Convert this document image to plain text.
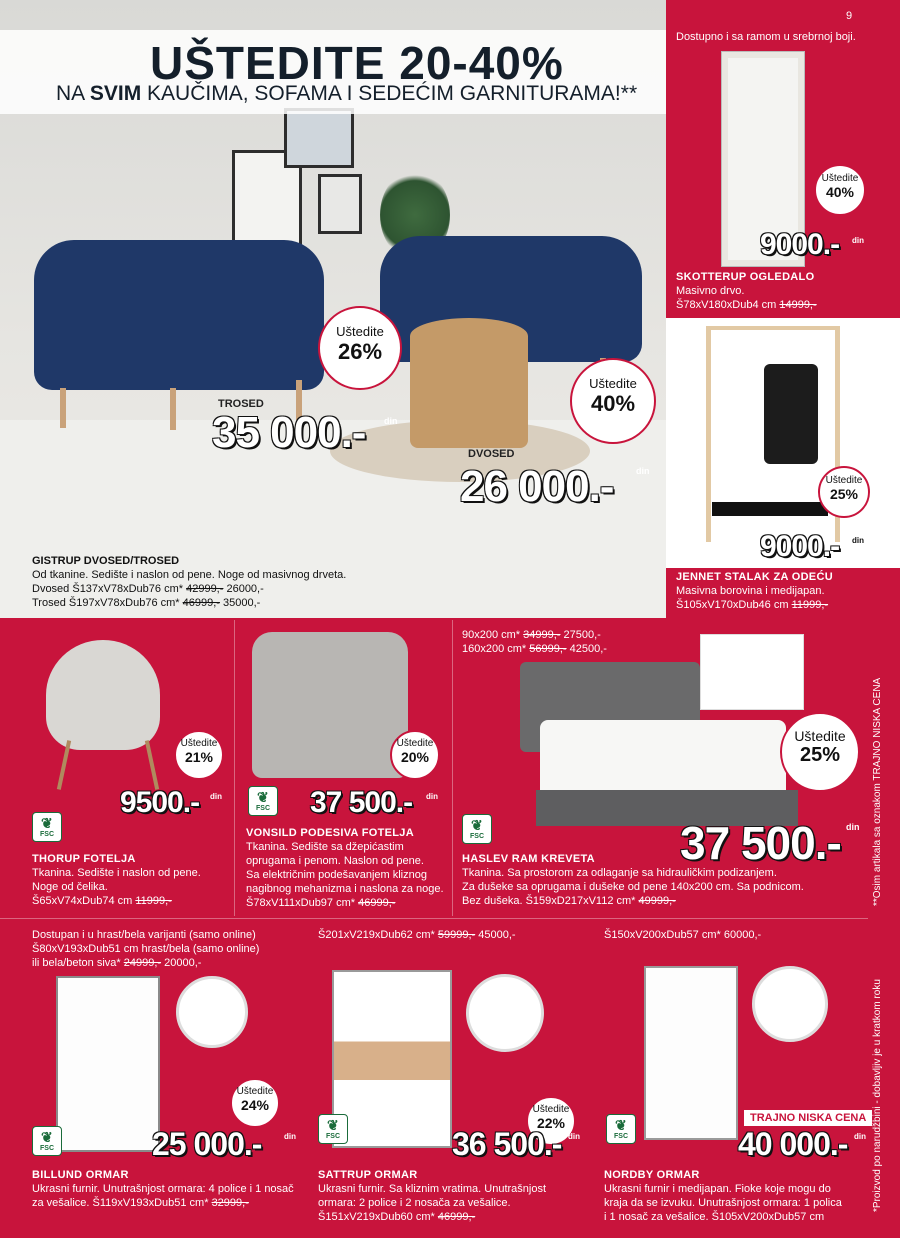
9
UŠTEDITE 20-40%
NA SVIM KAUČIMA, SOFAMA I SEDEĆIM GARNITURAMA!**
Uštedite
26%
Uštedite
40%
TROSED
35 000.- din
DVOSED
26 000.-	din
GISTRUP DVOSED/TROSED
Od tkanine. Sedište i naslon od pene. Noge od masivnog drveta.
Dvosed Š137xV78xDub76 cm* 42999,- 26000,-
Trosed Š197xV78xDub76 cm* 46999,- 35000,-
Dostupno i sa ramom u srebrnoj boji.
Uštedite
40%
9000.- din
SKOTTERUP OGLEDALO
Masivno drvo.
Š78xV180xDub4 cm 14999,-
Uštedite
25%
9000.- din
JENNET STALAK ZA ODEĆU
Masivna borovina i medijapan.
Š105xV170xDub46 cm 11999,-
Uštedite
21%
❦ FSC
9500.- din
THORUP FOTELJA
Tkanina. Sedište i naslon od pene.
Noge od čelika.
Š65xV74xDub74 cm 11999,-
Uštedite
20%
❦ FSC 37 500.- din
VONSILD PODESIVA FOTELJA
Tkanina. Sedište sa džepićastim
oprugama i penom. Naslon od pene.
Sa električnim podešavanjem kliznog
nagibnog mehanizma i naslona za noge.
Š78xV111xDub97 cm* 46999,-
90x200 cm* 34999,- 27500,-
160x200 cm* 56999,- 42500,-
Uštedite
25%
❦ FSC	37 500.- din
HASLEV RAM KREVETA
Tkanina. Sa prostorom za odlaganje sa hidrauličkim podizanjem.
Za dušeke sa oprugama i dušeke od pene 140x200 cm. Sa podnicom.
Bez dušeka. Š159xD217xV112 cm* 49999,-	**Osim artikala sa oznakom TRAJNO NISKA CENA
Dostupan i u hrast/bela varijanti (samo online)
Š80xV193xDub51 cm hrast/bela (samo online)
ili bela/beton siva* 24999,- 20000,-
Uštedite
24%
❦ FSC	25 000.-	din
BILLUND ORMAR
Ukrasni furnir. Unutrašnjost ormara: 4 police i 1 nosač
za vešalice. Š119xV193xDub51 cm* 32999,-
Š201xV219xDub62 cm* 59999,- 45000,-
Uštedite
22%
❦ FSC	36 500.- din
SATTRUP ORMAR
Ukrasni furnir. Sa kliznim vratima. Unutrašnjost
ormara: 2 police i 2 nosača za vešalice.
Š151xV219xDub60 cm* 46999,-
Š150xV200xDub57 cm* 60000,-
TRAJNO NISKA CENA
❦ FSC	40 000.- din
NORDBY ORMAR
Ukrasni furnir i medijapan. Fioke koje mogu do
kraja da se izvuku. Unutrašnjost ormara: 1 polica
i 1 nosač za vešalice. Š105xV200xDub57 cm
*Proizvod po narudžbini - dobavljiv je u kratkom roku
